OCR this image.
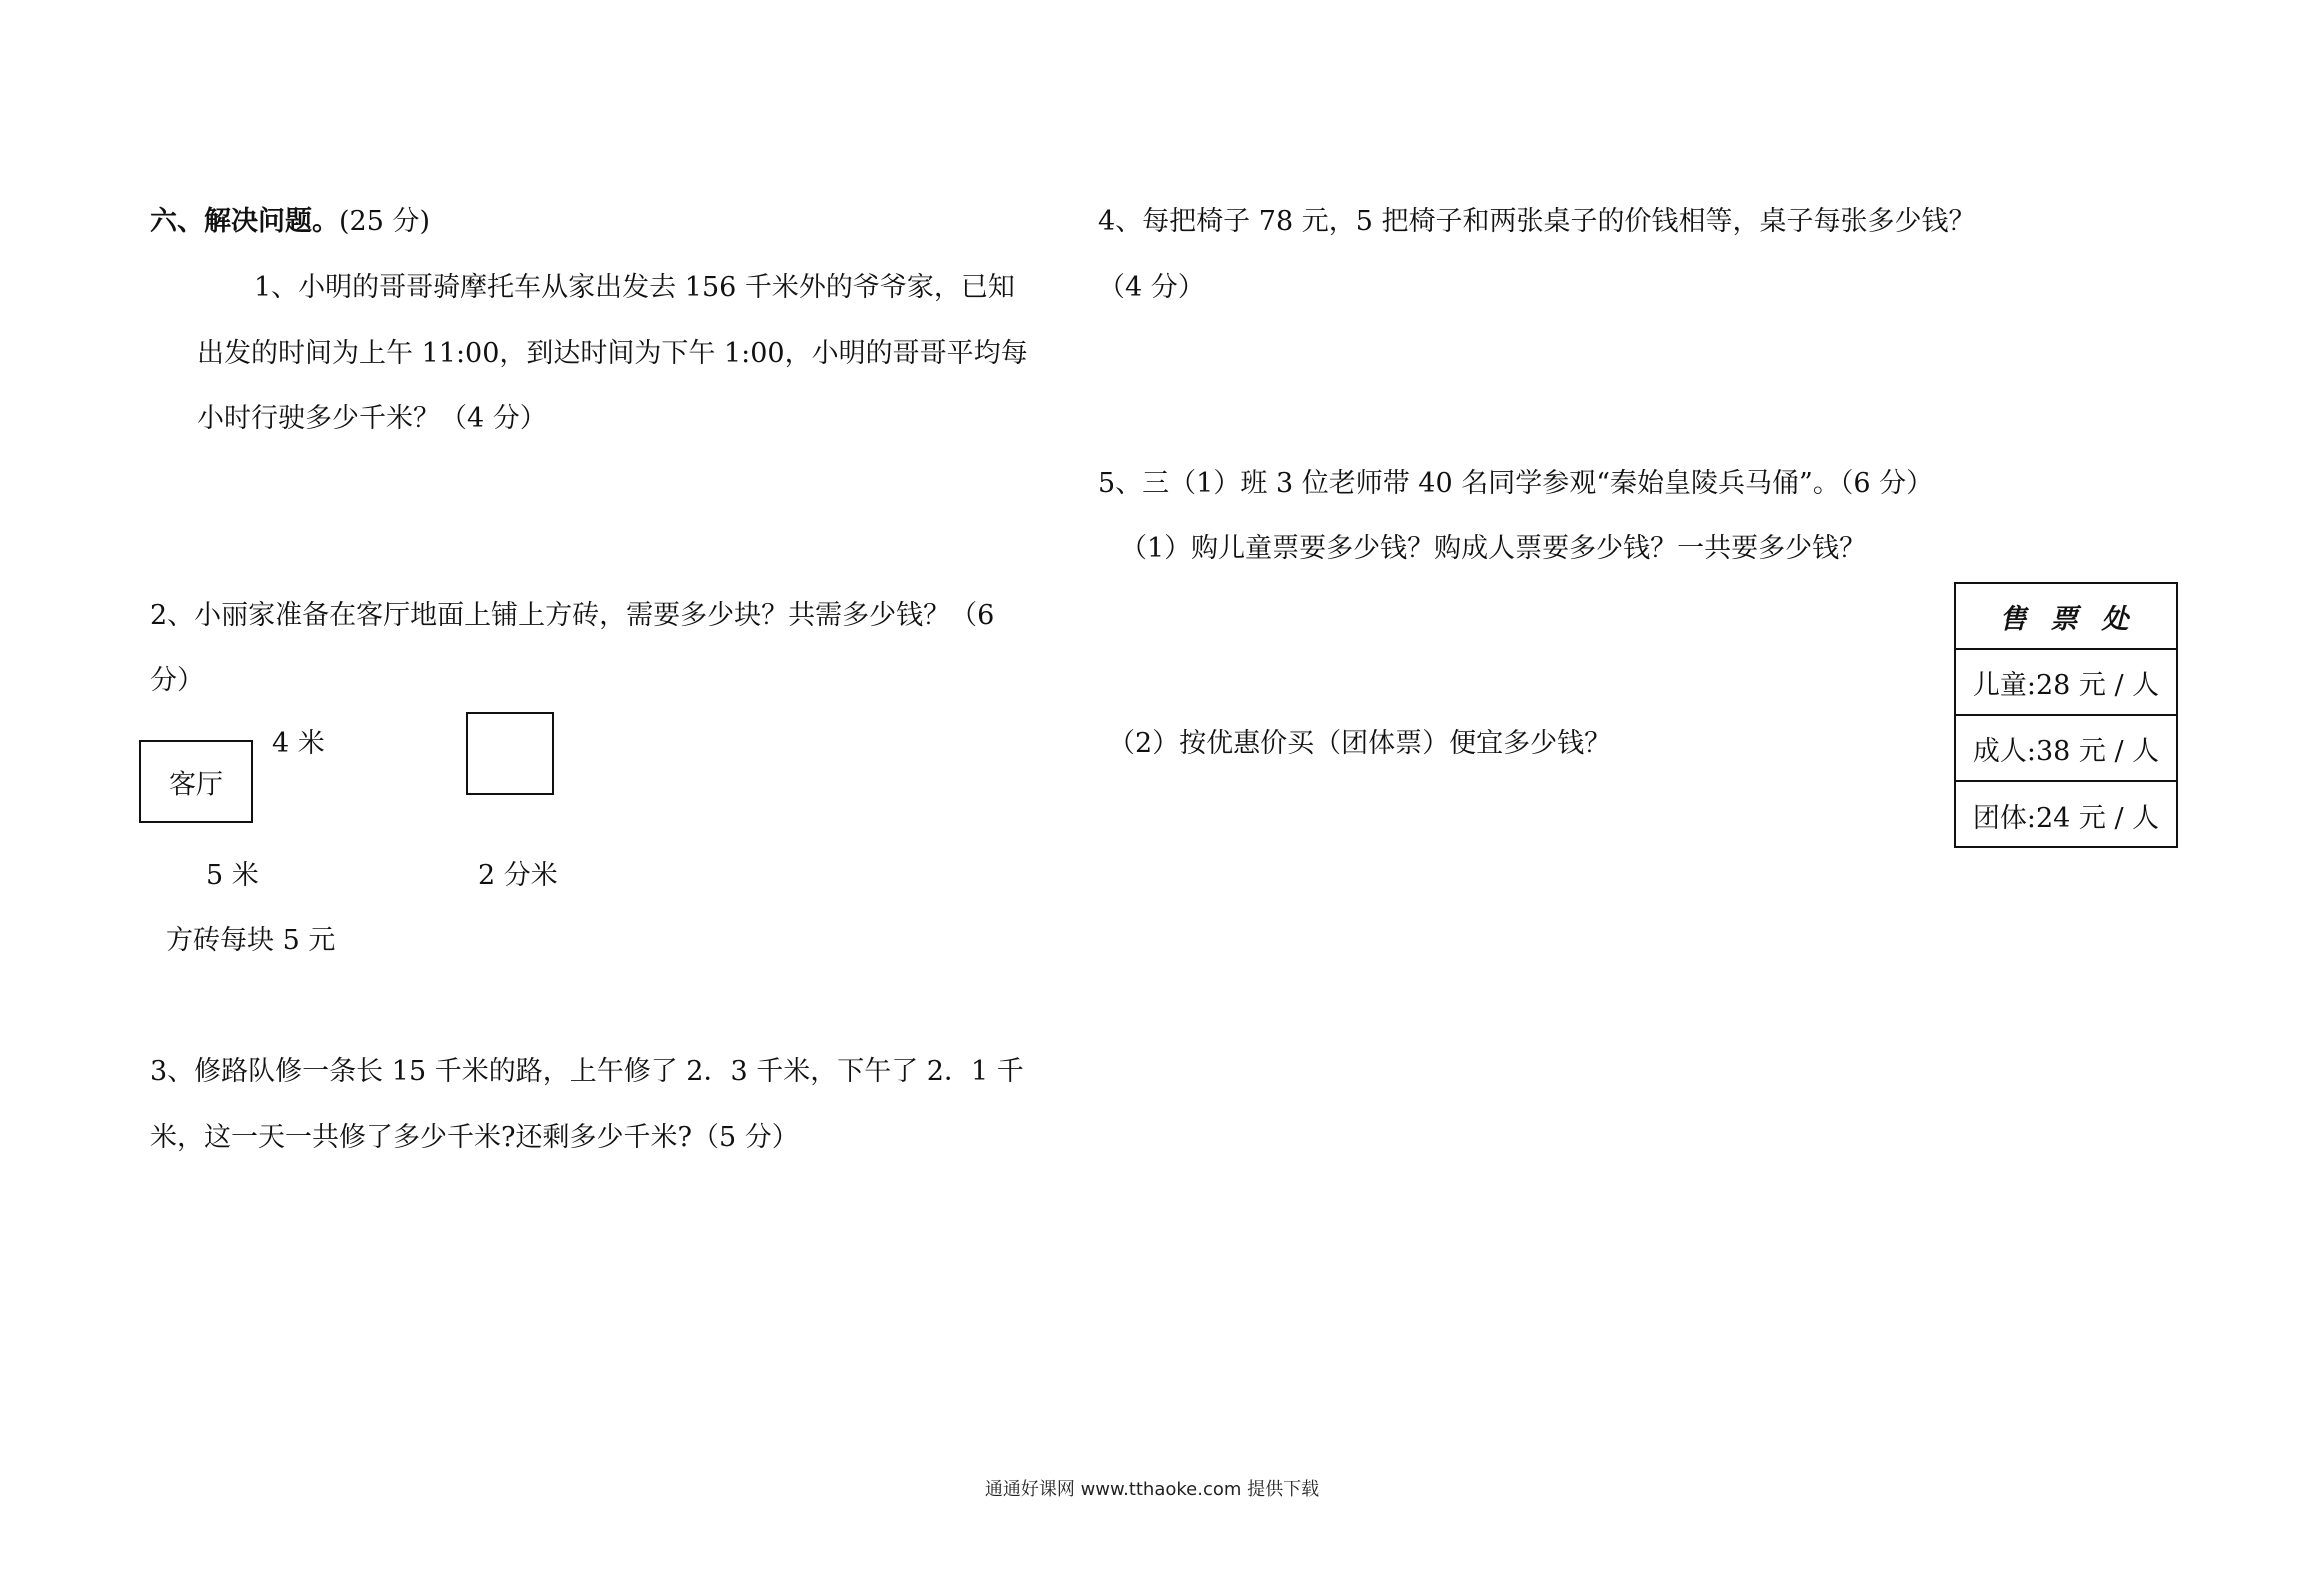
六、解决问题。(25 分)
1、小明的哥哥骑摩托车从家出发去 156 千米外的爷爷家，已知
出发的时间为上午 11:00，到达时间为下午 1:00，小明的哥哥平均每
小时行驶多少千米？（4 分）
2、小丽家准备在客厅地面上铺上方砖，需要多少块？共需多少钱？（6
分）
客厅
4 米
5 米	2 分米
方砖每块 5 元
3、修路队修一条长 15 千米的路，上午修了 2．3 千米，下午了 2．1 千
米，这一天一共修了多少千米?还剩多少千米?（5 分）
4、每把椅子 78 元，5 把椅子和两张桌子的价钱相等，桌子每张多少钱？
（4 分）
5、三（1）班 3 位老师带 40 名同学参观“秦始皇陵兵马俑”。（6 分）
（1）购儿童票要多少钱？购成人票要多少钱？一共要多少钱？
（2）按优惠价买（团体票）便宜多少钱？
售票处
儿童:28 元 / 人
成人:38 元 / 人
团体:24 元 / 人
通通好课网 www.tthaoke.com 提供下载
